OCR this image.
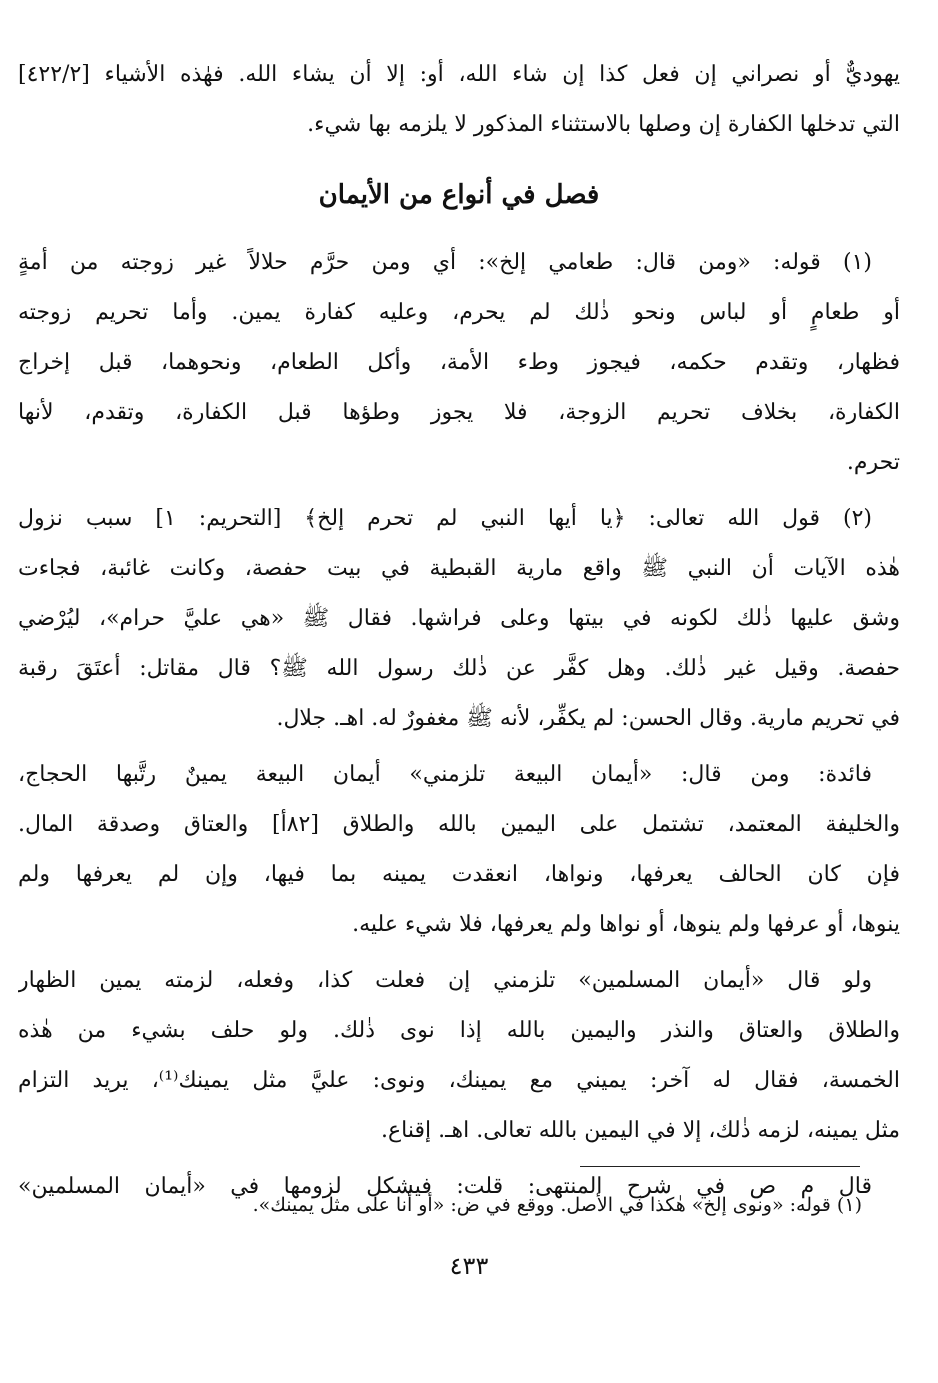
يهوديٌّ أو نصراني إن فعل كذا إن شاء الله، أو: إلا أن يشاء الله. فهٰذه الأشياء [٤٢٢/٢]
التي تدخلها الكفارة إن وصلها بالاستثناء المذكور لا يلزمه بها شيء.
فصل في أنواع من الأيمان
(١) قوله: «ومن قال: طعامي إلخ»: أي ومن حرَّم حلالاً غير زوجته من أمةٍ
أو طعامٍ أو لباس ونحو ذٰلك لم يحرم، وعليه كفارة يمين. وأما تحريم زوجته
فظهار، وتقدم حكمه، فيجوز وطء الأمة، وأكل الطعام، ونحوهما، قبل إخراج
الكفارة، بخلاف تحريم الزوجة، فلا يجوز وطؤها قبل الكفارة، وتقدم، لأنها
تحرم.
(٢) قول الله تعالى: ﴿يا أيها النبي لم تحرم إلخ﴾ [التحريم: ١] سبب نزول
هٰذه الآيات أن النبي ﷺ واقع مارية القبطية في بيت حفصة، وكانت غائبة، فجاءت
وشق عليها ذٰلك لكونه في بيتها وعلى فراشها. فقال ﷺ «هي عليَّ حرام»، ليُرْضي
حفصة. وقيل غير ذٰلك. وهل كفَّر عن ذٰلك رسول الله ﷺ؟ قال مقاتل: أعتَقَ رقبة
في تحريم مارية. وقال الحسن: لم يكفِّر، لأنه ﷺ مغفورٌ له. اهـ. جلال.
فائدة: ومن قال: «أيمان البيعة تلزمني» أيمان البيعة يمينٌ رتَّبها الحجاج،
والخليفة المعتمد، تشتمل على اليمين بالله والطلاق [٨٢أ] والعتاق وصدقة المال.
فإن كان الحالف يعرفها، ونواها، انعقدت يمينه بما فيها، وإن لم يعرفها ولم
ينوها، أو عرفها ولم ينوها، أو نواها ولم يعرفها، فلا شيء عليه.
ولو قال «أيمان المسلمين» تلزمني إن فعلت كذا، وفعله، لزمته يمين الظهار
والطلاق والعتاق والنذر واليمين بالله إذا نوى ذٰلك. ولو حلف بشيء من هٰذه
الخمسة، فقال له آخر: يميني مع يمينك، ونوى: عليَّ مثل يمينك⁽¹⁾، يريد التزام
مثل يمينه، لزمه ذٰلك، إلا في اليمين بالله تعالى. اهـ. إقناع.
قال م ص في شرح المنتهى: قلت: فيشكل لزومها في «أيمان المسلمين»
(١) قوله: «ونوى إلخ» هٰكذا في الأصل. ووقع في ض: «أو أنا على مثل يمينك».
٤٣٣
